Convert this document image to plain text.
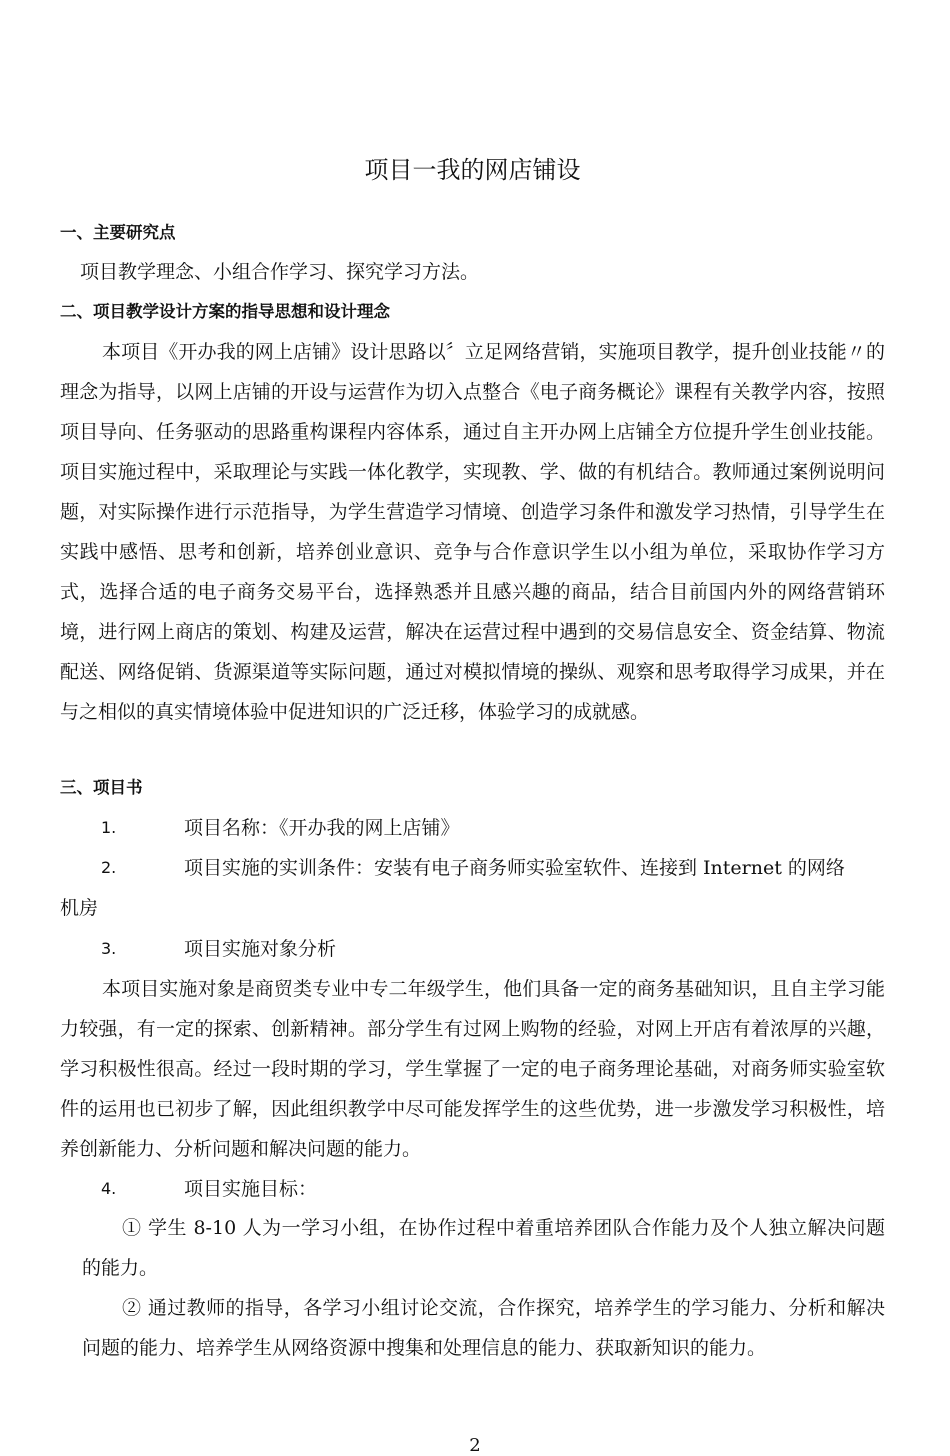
项目一我的网店铺设
一、主要研究点
项目教学理念、小组合作学习、探究学习方法。
二、项目教学设计方案的指导思想和设计理念
本项目《开办我的网上店铺》设计思路以〞立足网络营销，实施项目教学，提升创业技能〃的理念为指导，以网上店铺的开设与运营作为切入点整合《电子商务概论》课程有关教学内容，按照项目导向、任务驱动的思路重构课程内容体系，通过自主开办网上店铺全方位提升学生创业技能。项目实施过程中，采取理论与实践一体化教学，实现教、学、做的有机结合。教师通过案例说明问题，对实际操作进行示范指导，为学生营造学习情境、创造学习条件和激发学习热情，引导学生在实践中感悟、思考和创新，培养创业意识、竞争与合作意识学生以小组为单位，采取协作学习方式，选择合适的电子商务交易平台，选择熟悉并且感兴趣的商品，结合目前国内外的网络营销环境，进行网上商店的策划、构建及运营，解决在运营过程中遇到的交易信息安全、资金结算、物流配送、网络促销、货源渠道等实际问题，通过对模拟情境的操纵、观察和思考取得学习成果，并在与之相似的真实情境体验中促进知识的广泛迁移，体验学习的成就感。
三、项目书
1.	项目名称：《开办我的网上店铺》
2.	项目实施的实训条件：安装有电子商务师实验室软件、连接到 Internet 的网络
机房
3.	项目实施对象分析
本项目实施对象是商贸类专业中专二年级学生，他们具备一定的商务基础知识，且自主学习能力较强，有一定的探索、创新精神。部分学生有过网上购物的经验，对网上开店有着浓厚的兴趣，学习积极性很高。经过一段时期的学习，学生掌握了一定的电子商务理论基础，对商务师实验室软件的运用也已初步了解，因此组织教学中尽可能发挥学生的这些优势，进一步激发学习积极性，培养创新能力、分析问题和解决问题的能力。
4.	项目实施目标：
① 学生 8-10 人为一学习小组，在协作过程中着重培养团队合作能力及个人独立解决问题的能力。
② 通过教师的指导，各学习小组讨论交流，合作探究，培养学生的学习能力、分析和解决问题的能力、培养学生从网络资源中搜集和处理信息的能力、获取新知识的能力。
2
